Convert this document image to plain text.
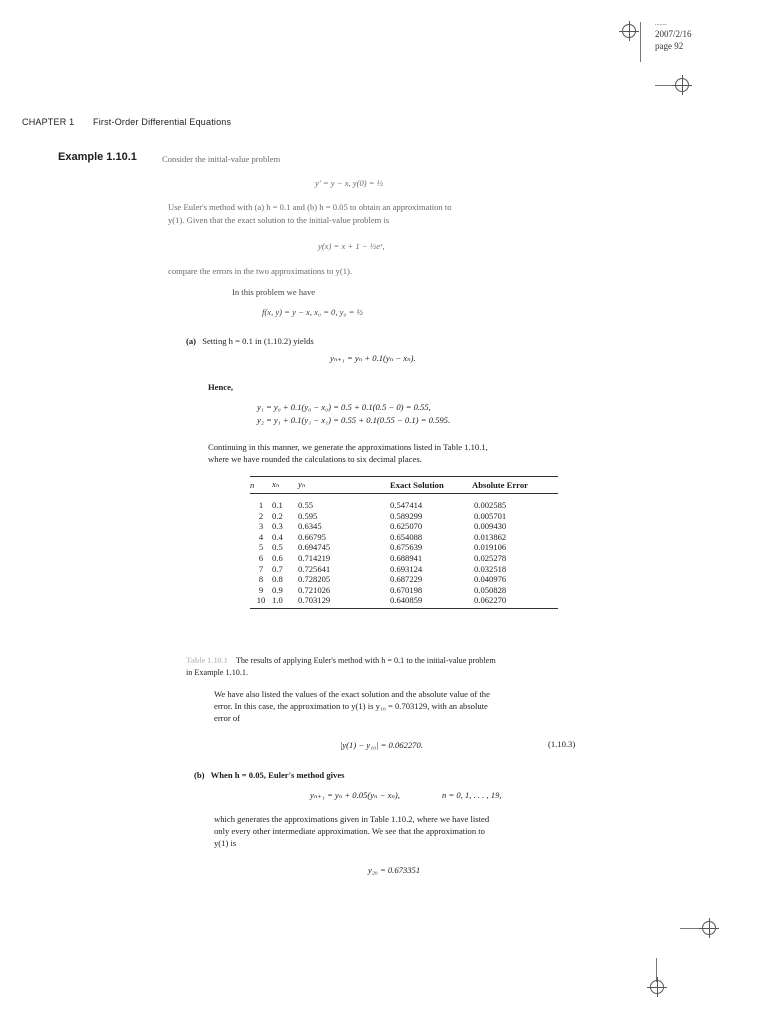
........
2007/2/16
page 92
CHAPTER 1 First-Order Differential Equations
Example 1.10.1	Consider the initial-value problem
y′ = y − x, y(0) = ½
Use Euler's method with (a) h = 0.1 and (b) h = 0.05 to obtain an approximation to
y(1). Given that the exact solution to the initial-value problem is
y(x) = x + 1 − ½eˣ,
compare the errors in the two approximations to y(1).
In this problem we have
f(x, y) = y − x, x₀ = 0, y₀ = ½
(a) Setting h = 0.1 in (1.10.2) yields
yₙ₊₁ = yₙ + 0.1(yₙ − xₙ).
Hence,
y₁ = y₀ + 0.1(y₀ − x₀) = 0.5 + 0.1(0.5 − 0) = 0.55,
y₂ = y₁ + 0.1(y₁ − x₁) = 0.55 + 0.1(0.55 − 0.1) = 0.595.
Continuing in this manner, we generate the approximations listed in Table 1.10.1,
where we have rounded the calculations to six decimal places.
n	xₙ	yₙ	Exact Solution	Absolute Error

1	0.1	0.55	0.547414	0.002585
2	0.2	0.595	0.589299	0.005701
3	0.3	0.6345	0.625070	0.009430
4	0.4	0.66795	0.654088	0.013862
5	0.5	0.694745	0.675639	0.019106
6	0.6	0.714219	0.688941	0.025278
7	0.7	0.725641	0.693124	0.032518
8	0.8	0.728205	0.687229	0.040976
9	0.9	0.721026	0.670198	0.050828
10	1.0	0.703129	0.640859	0.062270
Table 1.10.1 The results of applying Euler's method with h = 0.1 to the initial-value problem
in Example 1.10.1.
We have also listed the values of the exact solution and the absolute value of the
error. In this case, the approximation to y(1) is y₁₀ = 0.703129, with an absolute
error of
|y(1) − y₁₀| = 0.062270.	(1.10.3)
(b) When h = 0.05, Euler's method gives
yₙ₊₁ = yₙ + 0.05(yₙ − xₙ),	n = 0, 1, . . . , 19,
which generates the approximations given in Table 1.10.2, where we have listed
only every other intermediate approximation. We see that the approximation to
y(1) is
y₂₀ = 0.673351
